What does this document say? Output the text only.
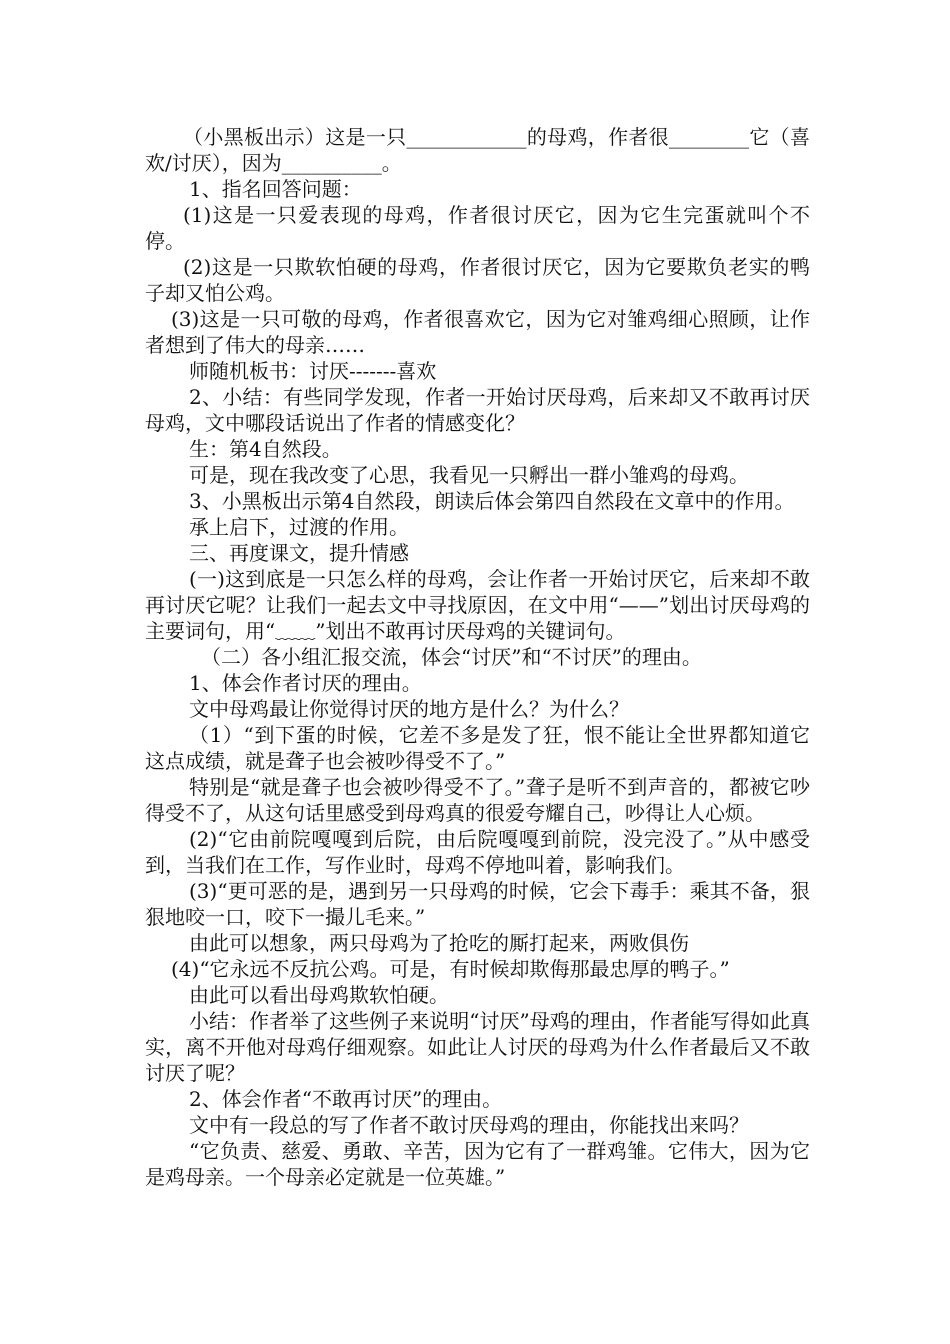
（小黑板出示）这是一只____________的母鸡，作者很________它（喜欢/讨厌），因为__________。

1、指名回答问题：

(1)这是一只爱表现的母鸡，作者很讨厌它，因为它生完蛋就叫个不停。

(2)这是一只欺软怕硬的母鸡，作者很讨厌它，因为它要欺负老实的鸭子却又怕公鸡。

(3)这是一只可敬的母鸡，作者很喜欢它，因为它对雏鸡细心照顾，让作者想到了伟大的母亲……

师随机板书：讨厌-------喜欢

2、小结：有些同学发现，作者一开始讨厌母鸡，后来却又不敢再讨厌母鸡，文中哪段话说出了作者的情感变化？

生：第4自然段。

可是，现在我改变了心思，我看见一只孵出一群小雏鸡的母鸡。

3、小黑板出示第4自然段，朗读后体会第四自然段在文章中的作用。

承上启下，过渡的作用。

三、再度课文，提升情感

(一)这到底是一只怎么样的母鸡，会让作者一开始讨厌它，后来却不敢再讨厌它呢？让我们一起去文中寻找原因，在文中用“——”划出讨厌母鸡的主要词句，用“﹏﹏”划出不敢再讨厌母鸡的关键词句。

（二）各小组汇报交流，体会“讨厌”和“不讨厌”的理由。

1、体会作者讨厌的理由。

文中母鸡最让你觉得讨厌的地方是什么？为什么？

（1）“到下蛋的时候，它差不多是发了狂，恨不能让全世界都知道它这点成绩，就是聋子也会被吵得受不了。”

特别是“就是聋子也会被吵得受不了。”聋子是听不到声音的，都被它吵得受不了，从这句话里感受到母鸡真的很爱夸耀自己，吵得让人心烦。

(2)“它由前院嘎嘎到后院，由后院嘎嘎到前院，没完没了。”从中感受到，当我们在工作，写作业时，母鸡不停地叫着，影响我们。

(3)“更可恶的是，遇到另一只母鸡的时候，它会下毒手：乘其不备，狠狠地咬一口，咬下一撮儿毛来。”

由此可以想象，两只母鸡为了抢吃的厮打起来，两败俱伤

(4)“它永远不反抗公鸡。可是，有时候却欺侮那最忠厚的鸭子。”

由此可以看出母鸡欺软怕硬。

小结：作者举了这些例子来说明“讨厌”母鸡的理由，作者能写得如此真实，离不开他对母鸡仔细观察。如此让人讨厌的母鸡为什么作者最后又不敢讨厌了呢？

2、体会作者“不敢再讨厌”的理由。

文中有一段总的写了作者不敢讨厌母鸡的理由，你能找出来吗？

“它负责、慈爱、勇敢、辛苦，因为它有了一群鸡雏。它伟大，因为它是鸡母亲。一个母亲必定就是一位英雄。”
